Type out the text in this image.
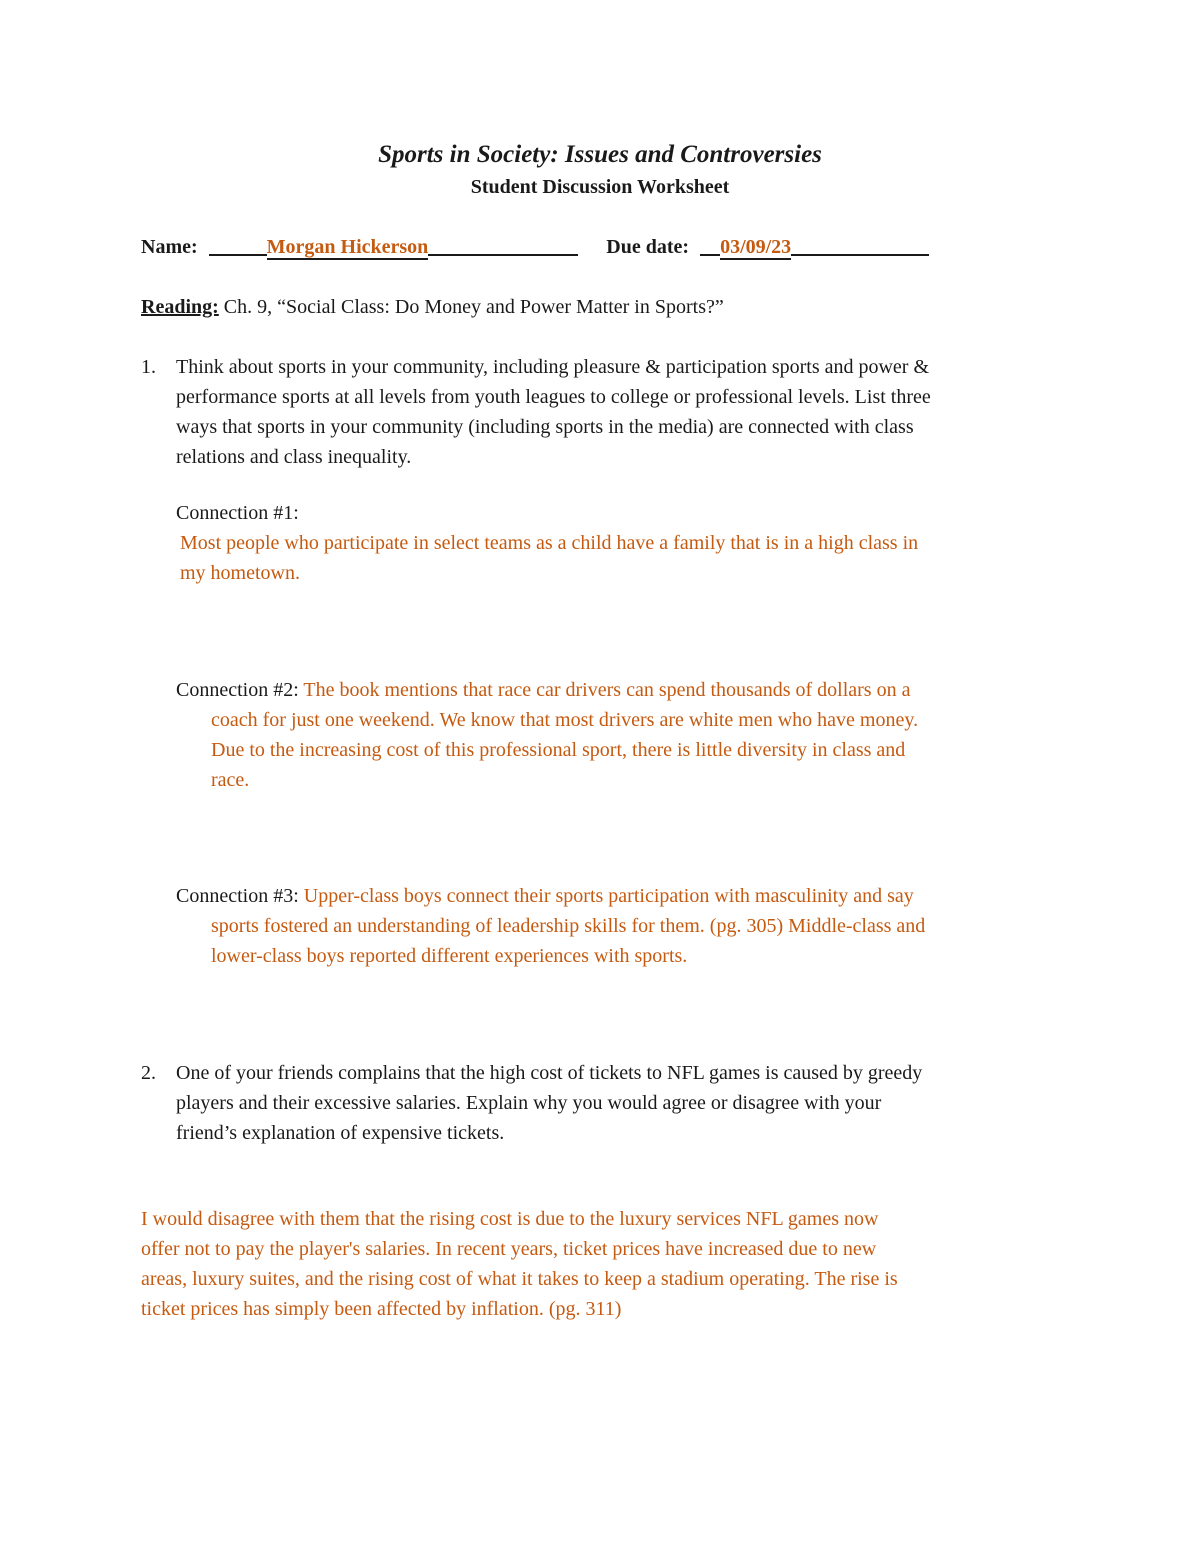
Sports in Society: Issues and Controversies
Student Discussion Worksheet
Name:	Morgan Hickerson	Due date: 03/09/23
Reading: Ch. 9, “Social Class: Do Money and Power Matter in Sports?”
1. Think about sports in your community, including pleasure & participation sports and power &
performance sports at all levels from youth leagues to college or professional levels. List three
ways that sports in your community (including sports in the media) are connected with class
relations and class inequality.
Connection #1:
Most people who participate in select teams as a child have a family that is in a high class in
my hometown.
Connection #2: The book mentions that race car drivers can spend thousands of dollars on a
coach for just one weekend. We know that most drivers are white men who have money.
Due to the increasing cost of this professional sport, there is little diversity in class and
race.
Connection #3: Upper-class boys connect their sports participation with masculinity and say
sports fostered an understanding of leadership skills for them. (pg. 305) Middle-class and
lower-class boys reported different experiences with sports.
2. One of your friends complains that the high cost of tickets to NFL games is caused by greedy
players and their excessive salaries. Explain why you would agree or disagree with your
friend’s explanation of expensive tickets.
I would disagree with them that the rising cost is due to the luxury services NFL games now
offer not to pay the player's salaries. In recent years, ticket prices have increased due to new
areas, luxury suites, and the rising cost of what it takes to keep a stadium operating. The rise is
ticket prices has simply been affected by inflation. (pg. 311)
